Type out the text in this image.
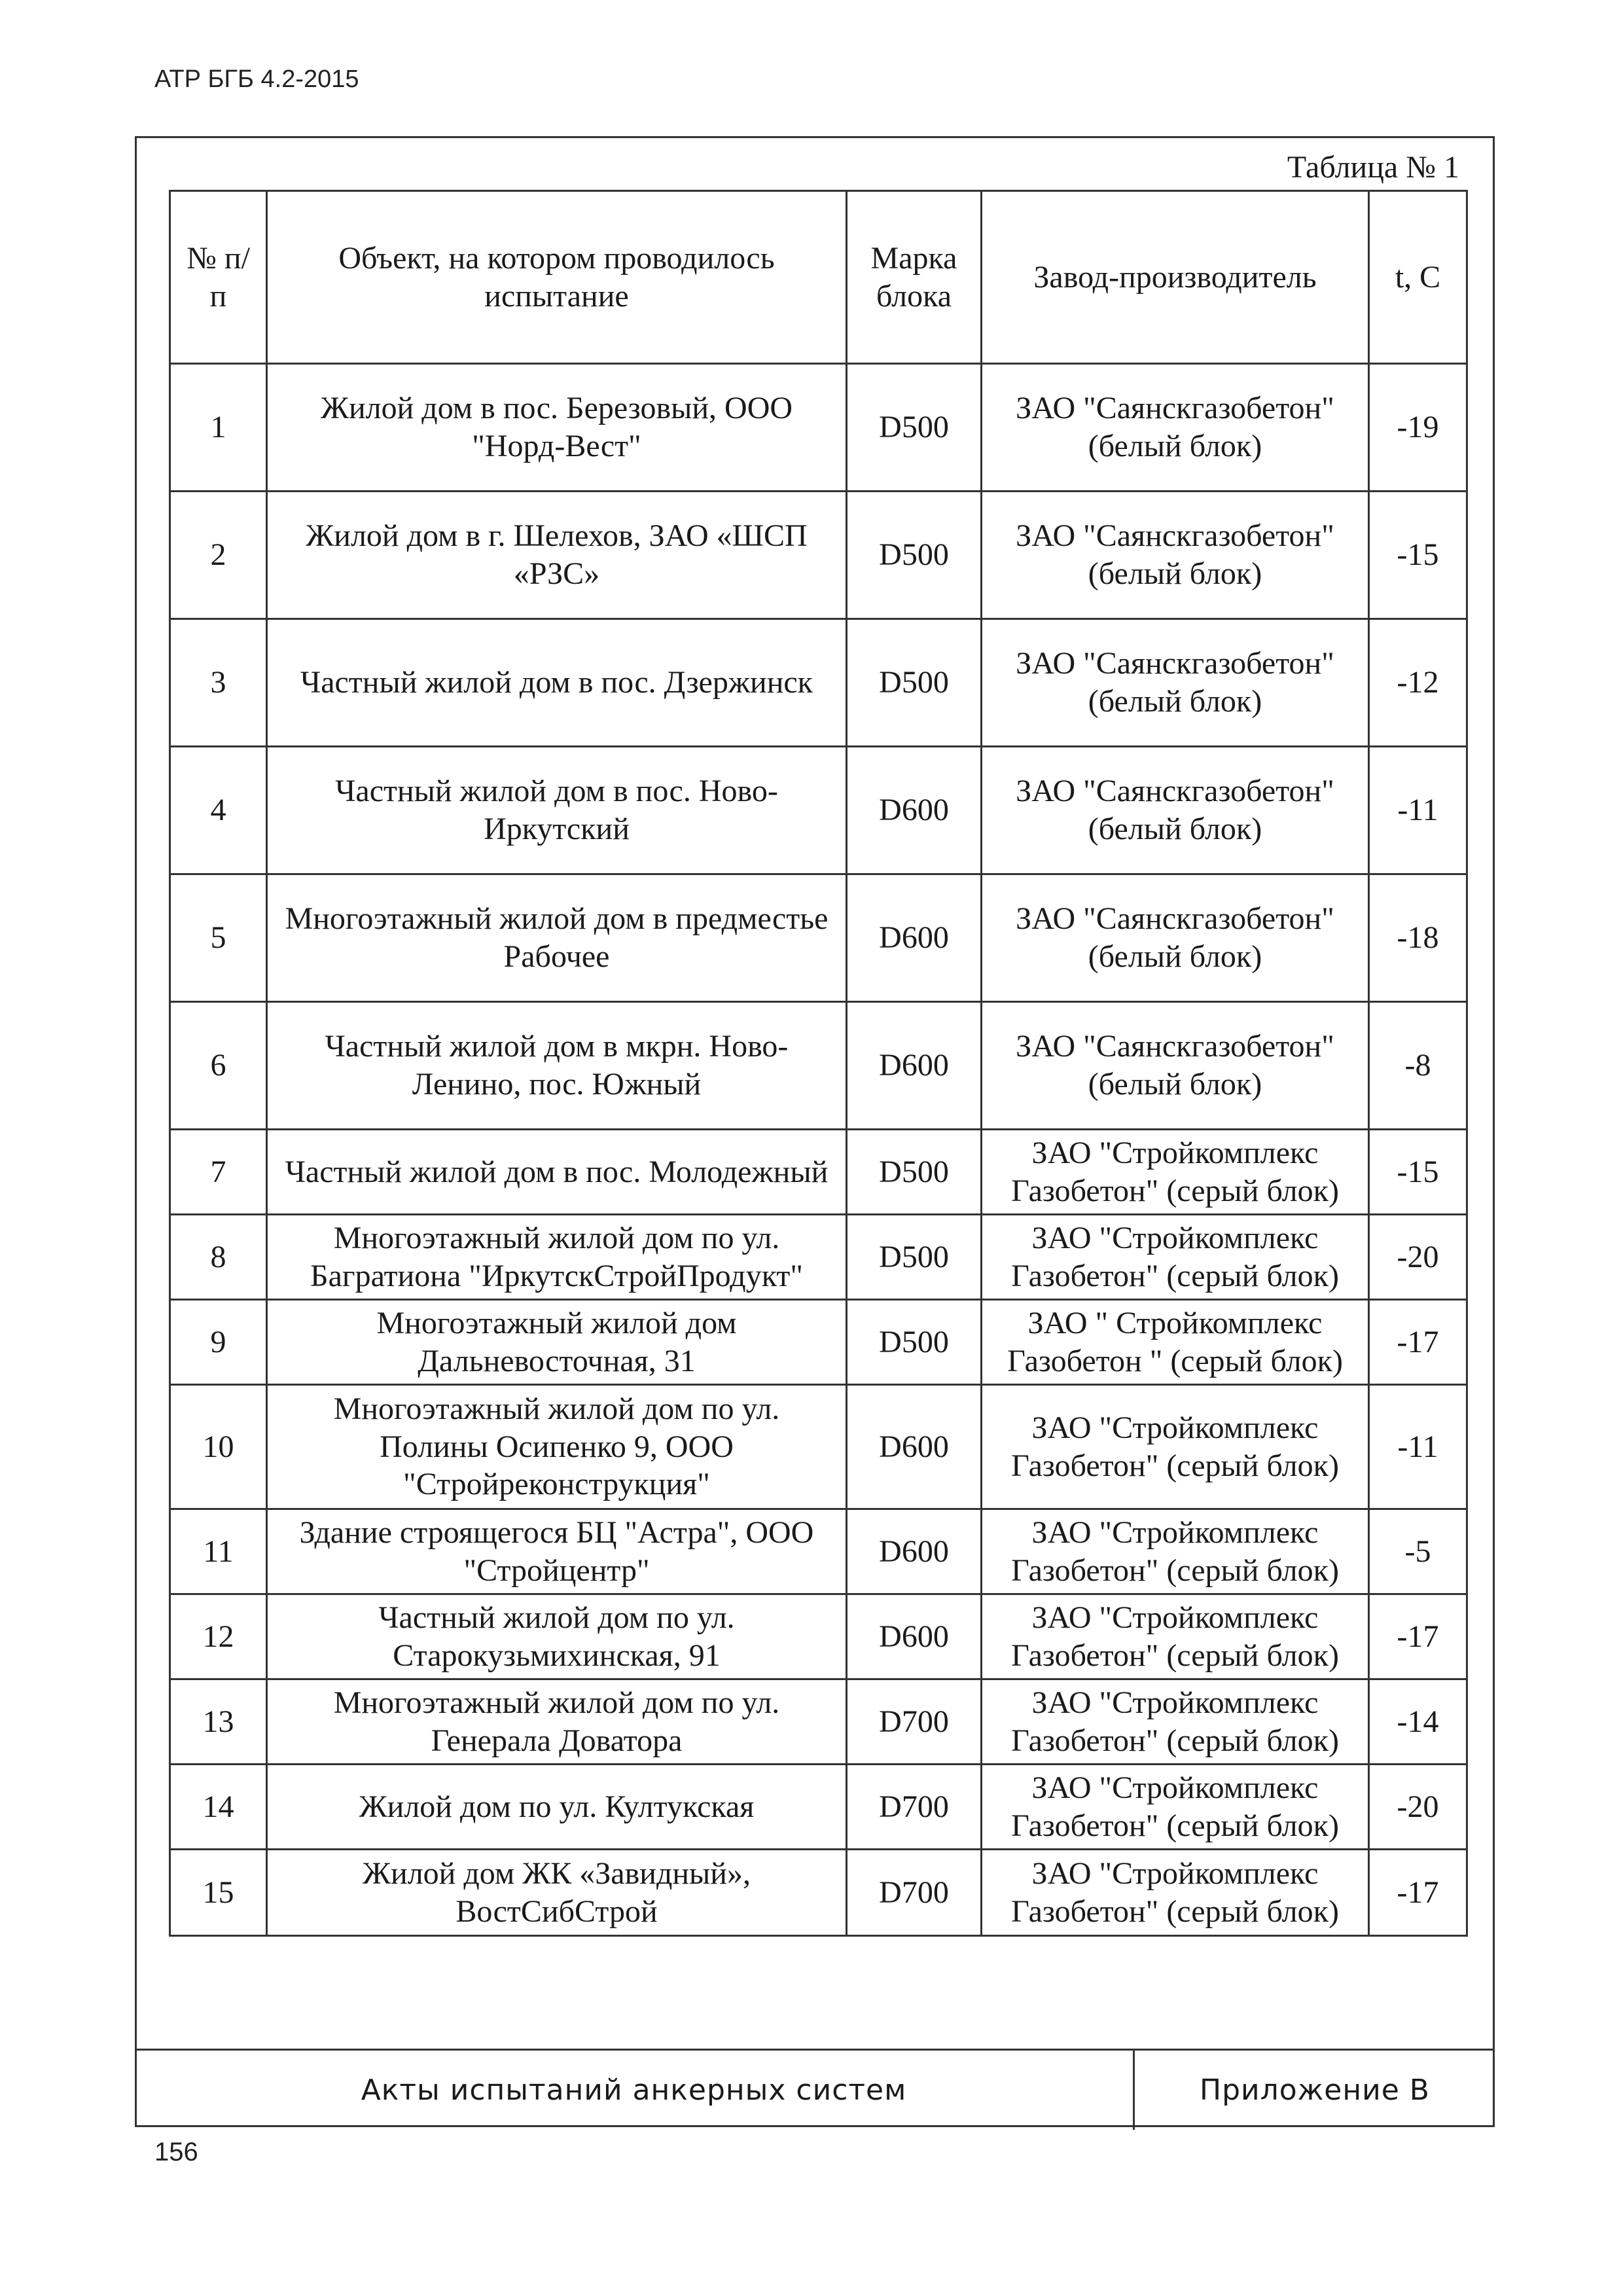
АТР БГБ 4.2-2015
Таблица № 1
№ п/п	Объект, на котором проводилось испытание	Марка блока	Завод-производитель	t, C
1	Жилой дом в пос. Березовый, ООО "Норд-Вест"	D500	ЗАО "Саянскгазобетон" (белый блок)	-19
2	Жилой дом в г. Шелехов, ЗАО «ШСП «РЗС»	D500	ЗАО "Саянскгазобетон" (белый блок)	-15
3	Частный жилой дом в пос. Дзержинск	D500	ЗАО "Саянскгазобетон" (белый блок)	-12
4	Частный жилой дом в пос. Ново-Иркутский	D600	ЗАО "Саянскгазобетон" (белый блок)	-11
5	Многоэтажный жилой дом в предместье Рабочее	D600	ЗАО "Саянскгазобетон" (белый блок)	-18
6	Частный жилой дом в мкрн. Ново-Ленино, пос. Южный	D600	ЗАО "Саянскгазобетон" (белый блок)	-8
7	Частный жилой дом в пос. Молодежный	D500	ЗАО "Стройкомплекс Газобетон" (серый блок)	-15
8	Многоэтажный жилой дом по ул. Багратиона "ИркутскСтройПродукт"	D500	ЗАО "Стройкомплекс Газобетон" (серый блок)	-20
9	Многоэтажный жилой дом Дальневосточная, 31	D500	ЗАО " Стройкомплекс Газобетон " (серый блок)	-17
10	Многоэтажный жилой дом по ул. Полины Осипенко 9, ООО "Стройреконструкция"	D600	ЗАО "Стройкомплекс Газобетон" (серый блок)	-11
11	Здание строящегося БЦ "Астра", ООО "Стройцентр"	D600	ЗАО "Стройкомплекс Газобетон" (серый блок)	-5
12	Частный жилой дом по ул. Старокузьмихинская, 91	D600	ЗАО "Стройкомплекс Газобетон" (серый блок)	-17
13	Многоэтажный жилой дом по ул. Генерала Доватора	D700	ЗАО "Стройкомплекс Газобетон" (серый блок)	-14
14	Жилой дом по ул. Култукская	D700	ЗАО "Стройкомплекс Газобетон" (серый блок)	-20
15	Жилой дом ЖК «Завидный», ВостСибСтрой	D700	ЗАО "Стройкомплекс Газобетон" (серый блок)	-17
Акты испытаний анкерных систем	Приложение В
156
